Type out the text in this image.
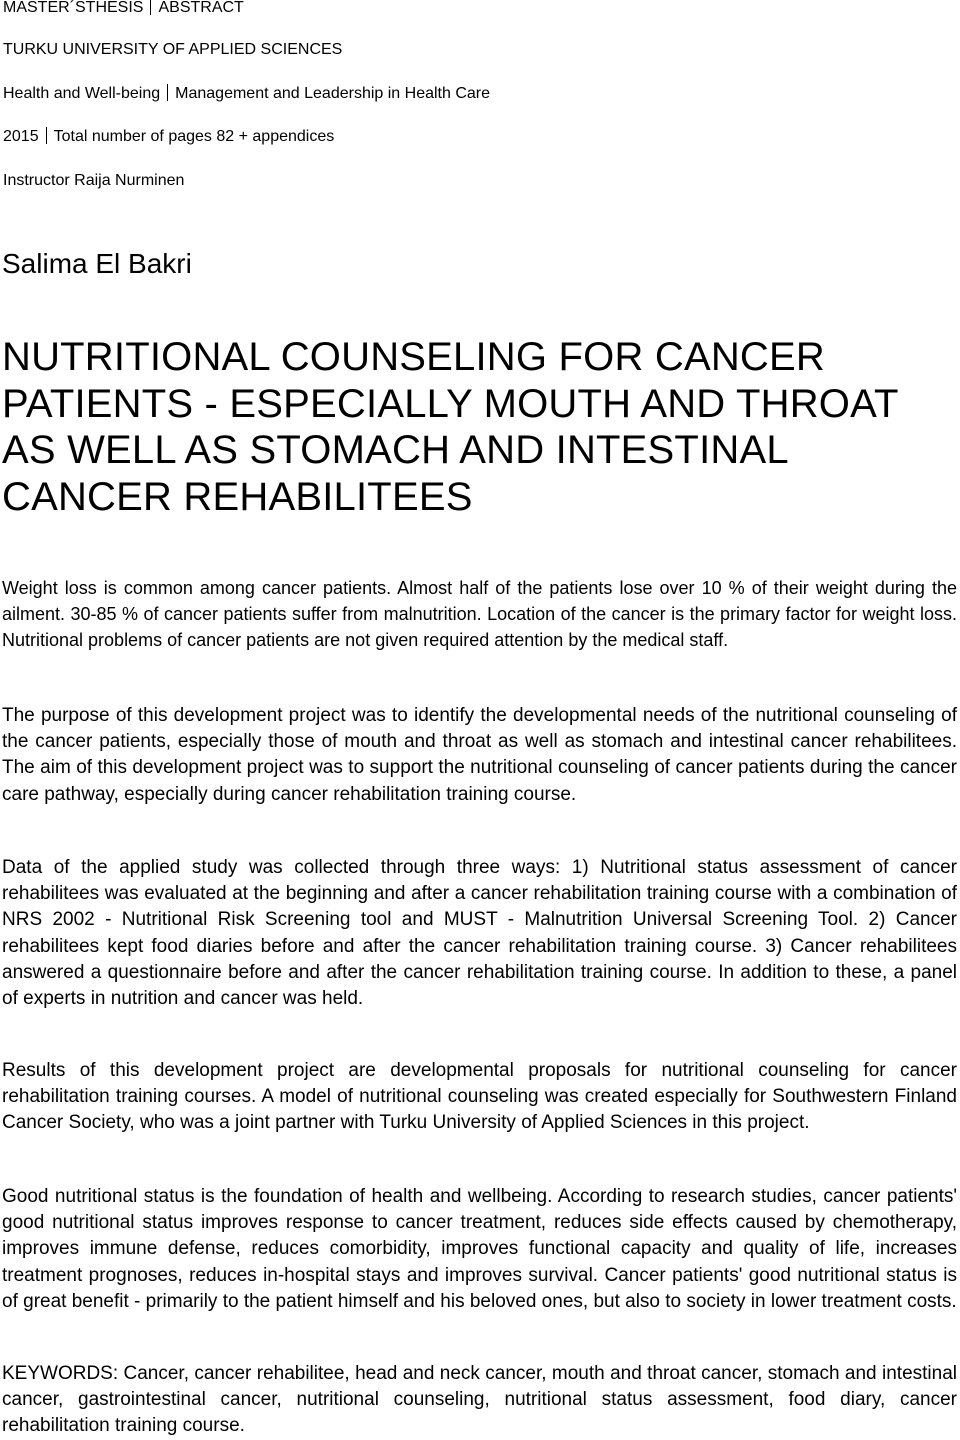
MASTER´STHESIS ABSTRACT
TURKU UNIVERSITY OF APPLIED SCIENCES
Health and Well-being Management and Leadership in Health Care
2015 Total number of pages 82 + appendices
Instructor Raija Nurminen
Salima El Bakri
NUTRITIONAL COUNSELING FOR CANCER
PATIENTS - ESPECIALLY MOUTH AND THROAT
AS WELL AS STOMACH AND INTESTINAL
CANCER REHABILITEES

Weight loss is common among cancer patients. Almost half of the patients lose over 10 % of their weight during the ailment. 30-85 % of cancer patients suffer from malnutrition. Location of the cancer is the primary factor for weight loss. Nutritional problems of cancer patients are not given required attention by the medical staff.

The purpose of this development project was to identify the developmental needs of the nutritional counseling of the cancer patients, especially those of mouth and throat as well as stomach and intestinal cancer rehabilitees. The aim of this development project was to support the nutritional counseling of cancer patients during the cancer care pathway, especially during cancer rehabilitation training course.

Data of the applied study was collected through three ways: 1) Nutritional status assessment of cancer rehabilitees was evaluated at the beginning and after a cancer rehabilitation training course with a combination of NRS 2002 - Nutritional Risk Screening tool and MUST - Malnutrition Universal Screening Tool. 2) Cancer rehabilitees kept food diaries before and after the cancer rehabilitation training course. 3) Cancer rehabilitees answered a questionnaire before and after the cancer rehabilitation training course. In addition to these, a panel of experts in nutrition and cancer was held.

Results of this development project are developmental proposals for nutritional counseling for cancer rehabilitation training courses. A model of nutritional counseling was created especially for Southwestern Finland Cancer Society, who was a joint partner with Turku University of Applied Sciences in this project.

Good nutritional status is the foundation of health and wellbeing. According to research studies, cancer patients' good nutritional status improves response to cancer treatment, reduces side effects caused by chemotherapy, improves immune defense, reduces comorbidity, improves functional capacity and quality of life, increases treatment prognoses, reduces in-hospital stays and improves survival. Cancer patients' good nutritional status is of great benefit - primarily to the patient himself and his beloved ones, but also to society in lower treatment costs.

KEYWORDS: Cancer, cancer rehabilitee, head and neck cancer, mouth and throat cancer, stomach and intestinal cancer, gastrointestinal cancer, nutritional counseling, nutritional status assessment, food diary, cancer rehabilitation training course.
